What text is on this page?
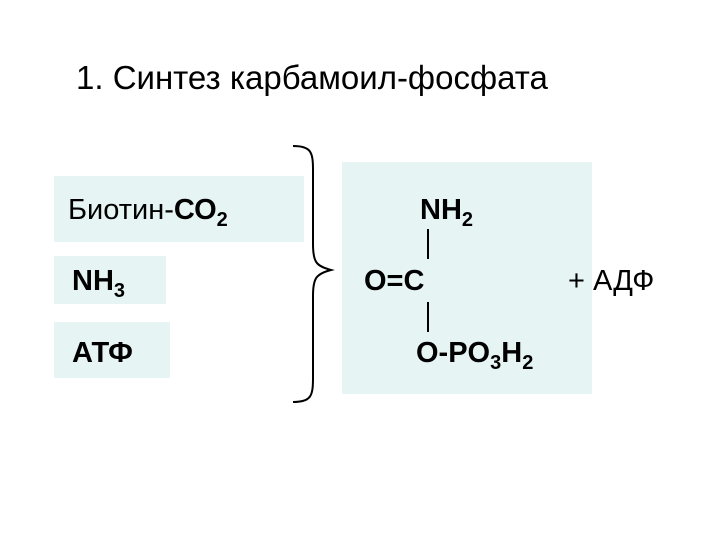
1. Синтез карбамоил-фосфата
Биотин-$СО_2$
$NH_3$
АТФ
$NH_2$
O=C
$O-PO_3H_2$
+ АДФ
